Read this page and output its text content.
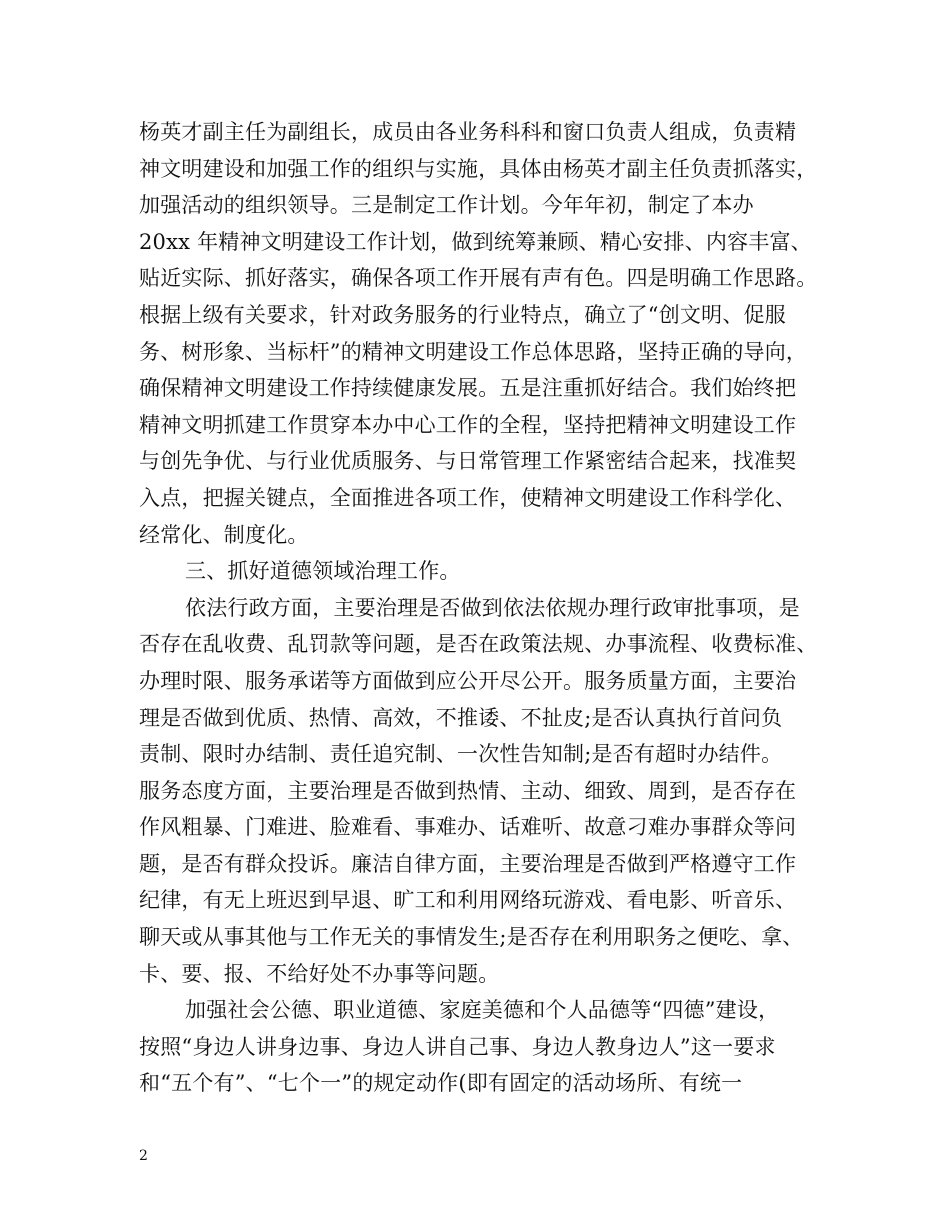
杨英才副主任为副组长，成员由各业务科科和窗口负责人组成，负责精
神文明建设和加强工作的组织与实施，具体由杨英才副主任负责抓落实，
加强活动的组织领导。三是制定工作计划。今年年初，制定了本办
20xx 年精神文明建设工作计划，做到统筹兼顾、精心安排、内容丰富、
贴近实际、抓好落实，确保各项工作开展有声有色。四是明确工作思路。
根据上级有关要求，针对政务服务的行业特点，确立了“创文明、促服
务、树形象、当标杆”的精神文明建设工作总体思路，坚持正确的导向，
确保精神文明建设工作持续健康发展。五是注重抓好结合。我们始终把
精神文明抓建工作贯穿本办中心工作的全程，坚持把精神文明建设工作
与创先争优、与行业优质服务、与日常管理工作紧密结合起来，找准契
入点，把握关键点，全面推进各项工作，使精神文明建设工作科学化、
经常化、制度化。
三、抓好道德领域治理工作。
依法行政方面，主要治理是否做到依法依规办理行政审批事项，是
否存在乱收费、乱罚款等问题，是否在政策法规、办事流程、收费标准、
办理时限、服务承诺等方面做到应公开尽公开。服务质量方面，主要治
理是否做到优质、热情、高效，不推诿、不扯皮;是否认真执行首问负
责制、限时办结制、责任追究制、一次性告知制;是否有超时办结件。
服务态度方面，主要治理是否做到热情、主动、细致、周到，是否存在
作风粗暴、门难进、脸难看、事难办、话难听、故意刁难办事群众等问
题，是否有群众投诉。廉洁自律方面，主要治理是否做到严格遵守工作
纪律，有无上班迟到早退、旷工和利用网络玩游戏、看电影、听音乐、
聊天或从事其他与工作无关的事情发生;是否存在利用职务之便吃、拿、
卡、要、报、不给好处不办事等问题。
加强社会公德、职业道德、家庭美德和个人品德等“四德”建设，
按照“身边人讲身边事、身边人讲自己事、身边人教身边人”这一要求
和“五个有”、“七个一”的规定动作(即有固定的活动场所、有统一
2
